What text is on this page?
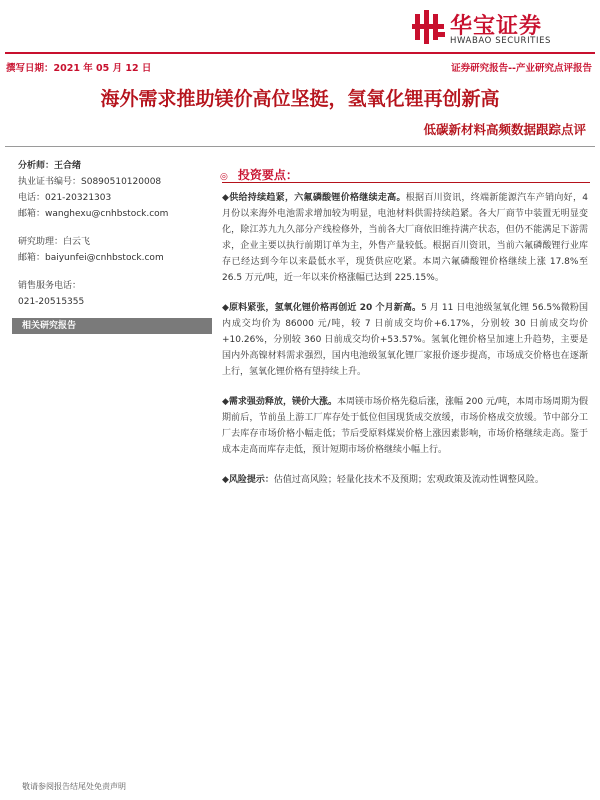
华宝证券
HWABAO SECURITIES
撰写日期：2021 年 05 月 12 日	证券研究报告--产业研究点评报告
海外需求推助镁价高位坚挺，氢氧化锂再创新高
低碳新材料高频数据跟踪点评
分析师：王合绪
执业证书编号：S0890510120008
电话：021-20321303
邮箱：wanghexu@cnhbstock.com
研究助理：白云飞
邮箱：baiyunfei@cnhbstock.com
销售服务电话：
021-20515355
相关研究报告
◎ 投资要点：
◆供给持续趋紧，六氟磷酸锂价格继续走高。根据百川资讯，终端新能源汽车产销向好，4 月份以来海外电池需求增加较为明显，电池材料供需持续趋紧。各大厂商节中装置无明显变化，除江苏九九久部分产线检修外，当前各大厂商依旧维持满产状态，但仍不能满足下游需求，企业主要以执行前期订单为主，外售产量较低。根据百川资讯，当前六氟磷酸锂行业库存已经达到今年以来最低水平，现货供应吃紧。本周六氟磷酸锂价格继续上涨 17.8%至 26.5 万元/吨，近一年以来价格涨幅已达到 225.15%。
◆原料紧张，氢氧化锂价格再创近 20 个月新高。5 月 11 日电池级氢氧化锂 56.5%微粉国内成交均价为 86000 元/吨，较 7 日前成交均价+6.17%，分别较 30 日前成交均价+10.26%，分别较 360 日前成交均价+53.57%。氢氧化锂价格呈加速上升趋势，主要是国内外高镍材料需求强烈，国内电池级氢氧化锂厂家报价逐步提高，市场成交价格也在逐渐上行，氢氧化锂价格有望持续上升。
◆需求强劲释放，镁价大涨。本周镁市场价格先稳后涨，涨幅 200 元/吨，本周市场周期为假期前后，节前虽上游工厂库存处于低位但国现货成交放缓，市场价格成交放缓。节中部分工厂去库存市场价格小幅走低；节后受原料煤炭价格上涨因素影响，市场价格继续走高。鉴于成本走高而库存走低，预计短期市场价格继续小幅上行。
◆风险提示：估值过高风险；轻量化技术不及预期；宏观政策及流动性调整风险。
敬请参阅报告结尾处免责声明
